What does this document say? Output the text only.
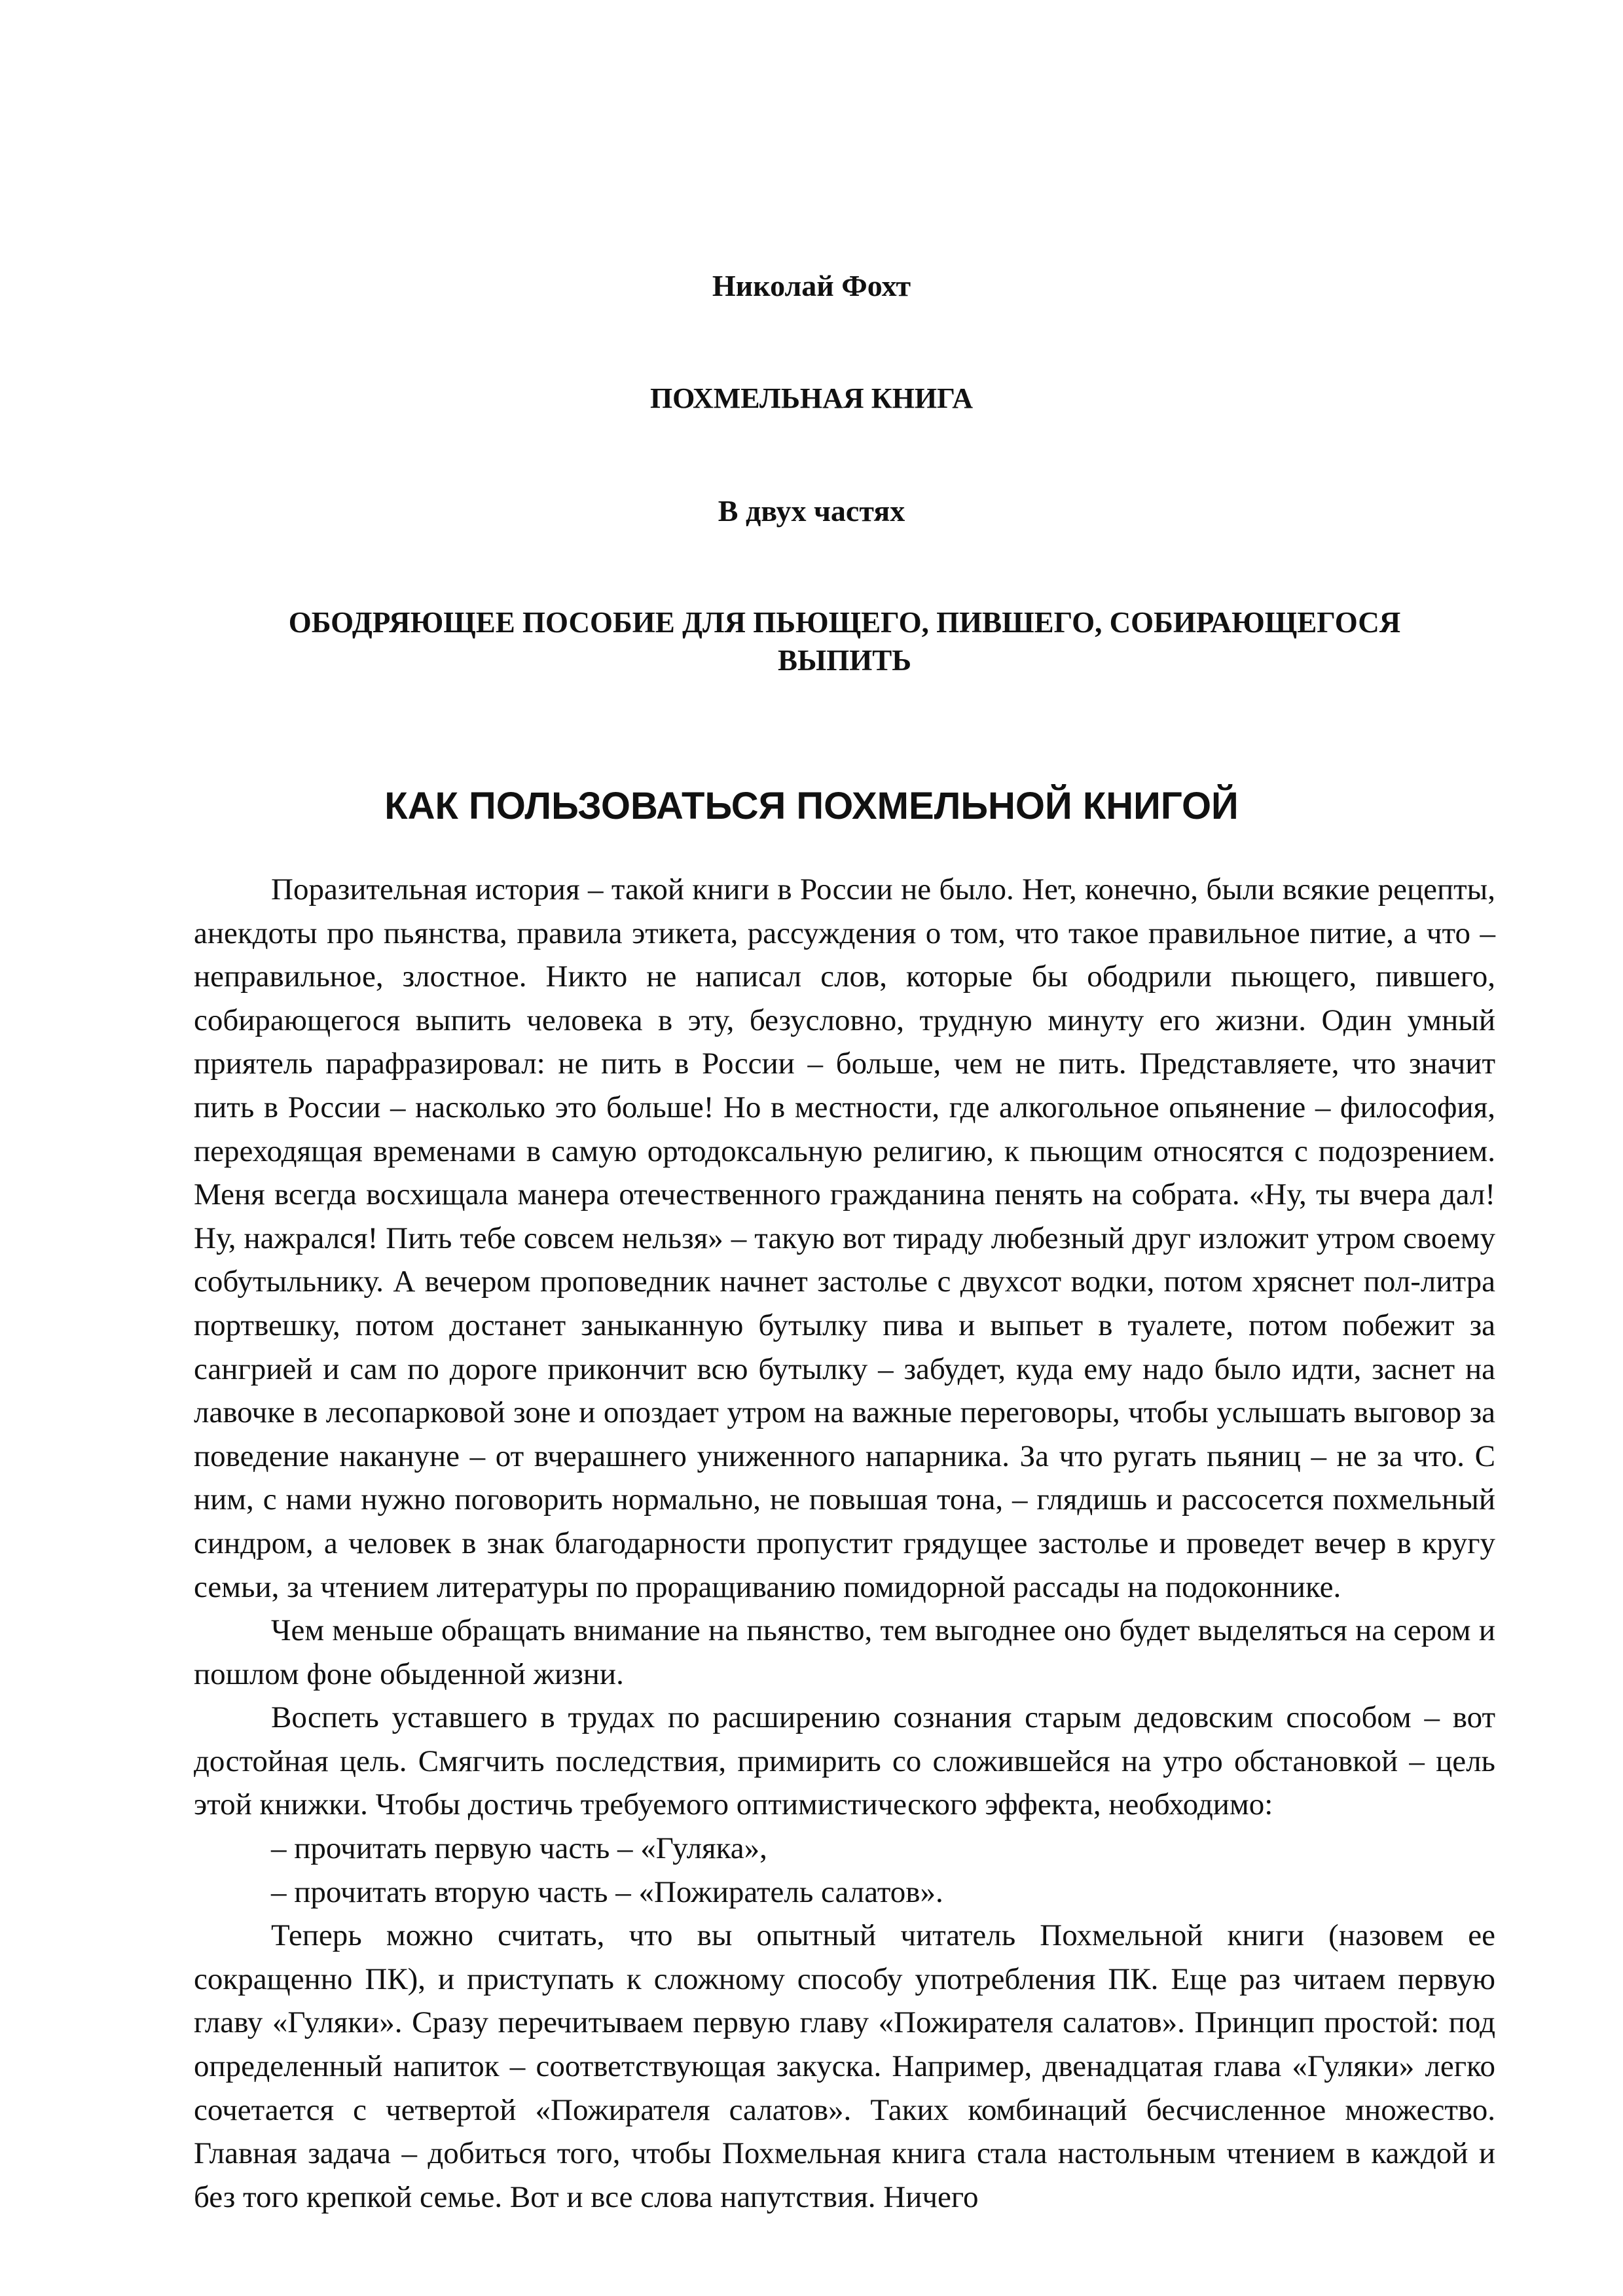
Николай Фохт
ПОХМЕЛЬНАЯ КНИГА
В двух частях
ОБОДРЯЮЩЕЕ ПОСОБИЕ ДЛЯ ПЬЮЩЕГО, ПИВШЕГО, СОБИРАЮЩЕГОСЯ ВЫПИТЬ
КАК ПОЛЬЗОВАТЬСЯ ПОХМЕЛЬНОЙ КНИГОЙ

Поразительная история – такой книги в России не было. Нет, конечно, были всякие рецепты, анекдоты про пьянства, правила этикета, рассуждения о том, что такое правильное питие, а что – неправильное, злостное. Никто не написал слов, которые бы ободрили пьющего, пившего, собирающегося выпить человека в эту, безусловно, трудную минуту его жизни. Один умный приятель парафразировал: не пить в России – больше, чем не пить. Представляете, что значит пить в России – насколько это больше! Но в местности, где алкогольное опьянение – философия, переходящая временами в самую ортодоксальную религию, к пьющим относятся с подозрением. Меня всегда восхищала манера отечественного гражданина пенять на собрата. «Ну, ты вчера дал! Ну, нажрался! Пить тебе совсем нельзя» – такую вот тираду любезный друг изложит утром своему собутыльнику. А вечером проповедник начнет застолье с двухсот водки, потом хряснет пол-литра портвешку, потом достанет заныканную бутылку пива и выпьет в туалете, потом побежит за сангрией и сам по дороге прикончит всю бутылку – забудет, куда ему надо было идти, заснет на лавочке в лесопарковой зоне и опоздает утром на важные переговоры, чтобы услышать выговор за поведение накануне – от вчерашнего униженного напарника. За что ругать пьяниц – не за что. С ним, с нами нужно поговорить нормально, не повышая тона, – глядишь и рассосется похмельный синдром, а человек в знак благодарности пропустит грядущее застолье и проведет вечер в кругу семьи, за чтением литературы по проращиванию помидорной рассады на подоконнике.

Чем меньше обращать внимание на пьянство, тем выгоднее оно будет выделяться на сером и пошлом фоне обыденной жизни.

Воспеть уставшего в трудах по расширению сознания старым дедовским способом – вот достойная цель. Смягчить последствия, примирить со сложившейся на утро обстановкой – цель этой книжки. Чтобы достичь требуемого оптимистического эффекта, необходимо:

– прочитать первую часть – «Гуляка»,

– прочитать вторую часть – «Пожиратель салатов».

Теперь можно считать, что вы опытный читатель Похмельной книги (назовем ее сокращенно ПК), и приступать к сложному способу употребления ПК. Еще раз читаем первую главу «Гуляки». Сразу перечитываем первую главу «Пожирателя салатов». Принцип простой: под определенный напиток – соответствующая закуска. Например, двенадцатая глава «Гуляки» легко сочетается с четвертой «Пожирателя салатов». Таких комбинаций бесчисленное множество. Главная задача – добиться того, чтобы Похмельная книга стала настольным чтением в каждой и без того крепкой семье. Вот и все слова напутствия. Ничего
